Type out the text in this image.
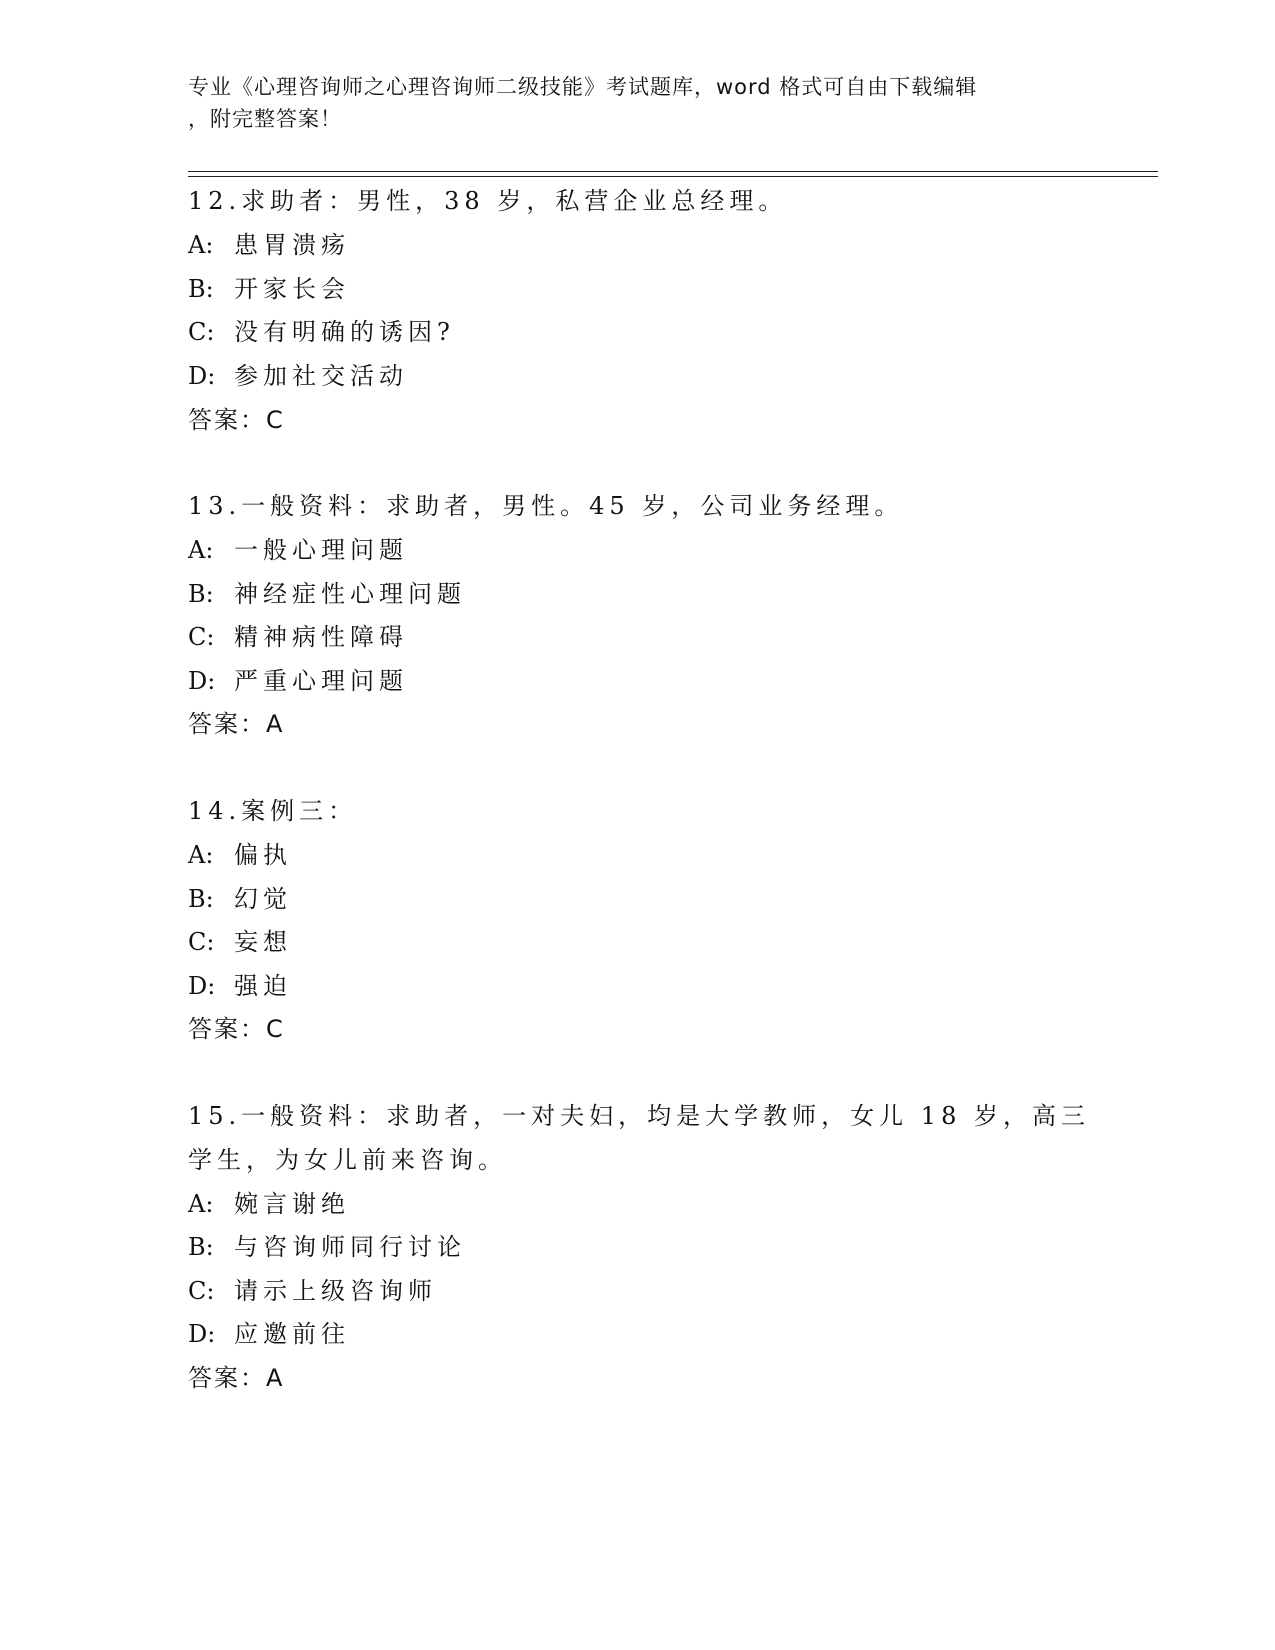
专业《心理咨询师之心理咨询师二级技能》考试题库，word 格式可自由下载编辑
，附完整答案！
12.求助者：男性，38 岁，私营企业总经理。
A: 患胃溃疡
B: 开家长会
C: 没有明确的诱因?
D: 参加社交活动
答案：C
13.一般资料：求助者，男性。45 岁，公司业务经理。
A: 一般心理问题
B: 神经症性心理问题
C: 精神病性障碍
D: 严重心理问题
答案：A
14.案例三：
A: 偏执
B: 幻觉
C: 妄想
D: 强迫
答案：C
15.一般资料：求助者，一对夫妇，均是大学教师，女儿 18 岁，高三
学生，为女儿前来咨询。
A: 婉言谢绝
B: 与咨询师同行讨论
C: 请示上级咨询师
D: 应邀前往
答案：A
